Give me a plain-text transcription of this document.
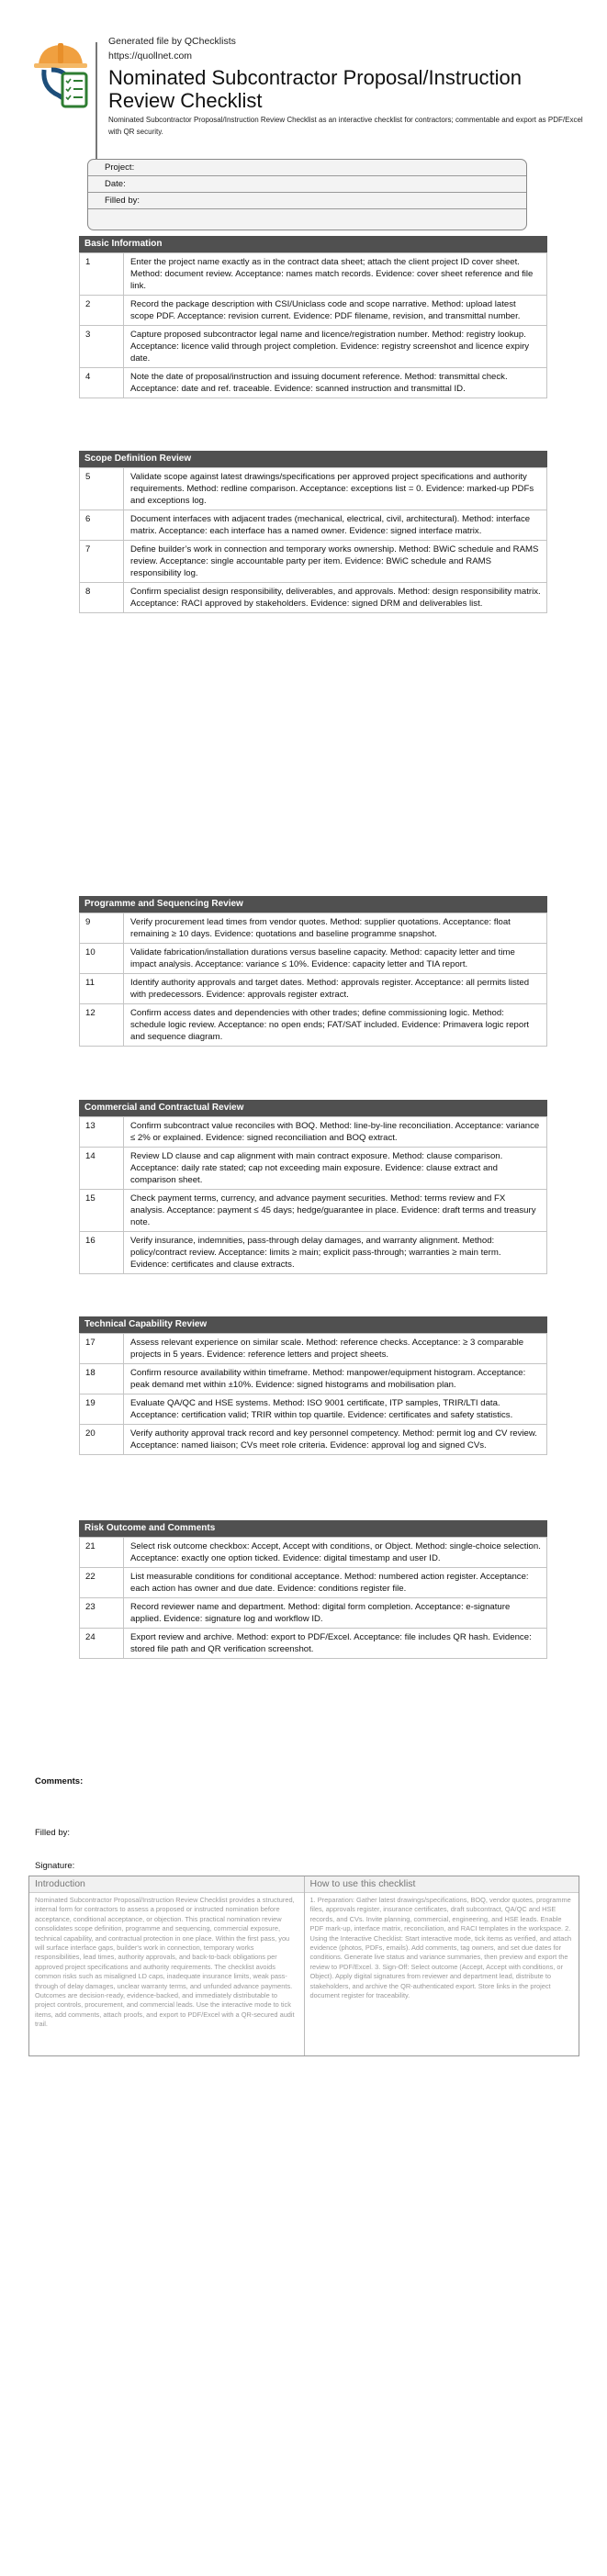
Generated file by QChecklists
https://quollnet.com
Nominated Subcontractor Proposal/Instruction Review Checklist
Nominated Subcontractor Proposal/Instruction Review Checklist as an interactive checklist for contractors; commentable and export as PDF/Excel with QR security.
Project:
Date:
Filled by:
Basic Information
1	Enter the project name exactly as in the contract data sheet; attach the client project ID cover sheet. Method: document review. Acceptance: names match records. Evidence: cover sheet reference and file link.
2	Record the package description with CSI/Uniclass code and scope narrative. Method: upload latest scope PDF. Acceptance: revision current. Evidence: PDF filename, revision, and transmittal number.
3	Capture proposed subcontractor legal name and licence/registration number. Method: registry lookup. Acceptance: licence valid through project completion. Evidence: registry screenshot and licence expiry date.
4	Note the date of proposal/instruction and issuing document reference. Method: transmittal check. Acceptance: date and ref. traceable. Evidence: scanned instruction and transmittal ID.
Scope Definition Review
5	Validate scope against latest drawings/specifications per approved project specifications and authority requirements. Method: redline comparison. Acceptance: exceptions list = 0. Evidence: marked-up PDFs and exceptions log.
6	Document interfaces with adjacent trades (mechanical, electrical, civil, architectural). Method: interface matrix. Acceptance: each interface has a named owner. Evidence: signed interface matrix.
7	Define builder’s work in connection and temporary works ownership. Method: BWiC schedule and RAMS review. Acceptance: single accountable party per item. Evidence: BWiC schedule and RAMS responsibility log.
8	Confirm specialist design responsibility, deliverables, and approvals. Method: design responsibility matrix. Acceptance: RACI approved by stakeholders. Evidence: signed DRM and deliverables list.
Programme and Sequencing Review
9	Verify procurement lead times from vendor quotes. Method: supplier quotations. Acceptance: float remaining ≥ 10 days. Evidence: quotations and baseline programme snapshot.
10	Validate fabrication/installation durations versus baseline capacity. Method: capacity letter and time impact analysis. Acceptance: variance ≤ 10%. Evidence: capacity letter and TIA report.
11	Identify authority approvals and target dates. Method: approvals register. Acceptance: all permits listed with predecessors. Evidence: approvals register extract.
12	Confirm access dates and dependencies with other trades; define commissioning logic. Method: schedule logic review. Acceptance: no open ends; FAT/SAT included. Evidence: Primavera logic report and sequence diagram.
Commercial and Contractual Review
13	Confirm subcontract value reconciles with BOQ. Method: line-by-line reconciliation. Acceptance: variance ≤ 2% or explained. Evidence: signed reconciliation and BOQ extract.
14	Review LD clause and cap alignment with main contract exposure. Method: clause comparison. Acceptance: daily rate stated; cap not exceeding main exposure. Evidence: clause extract and comparison sheet.
15	Check payment terms, currency, and advance payment securities. Method: terms review and FX analysis. Acceptance: payment ≤ 45 days; hedge/guarantee in place. Evidence: draft terms and treasury note.
16	Verify insurance, indemnities, pass-through delay damages, and warranty alignment. Method: policy/contract review. Acceptance: limits ≥ main; explicit pass-through; warranties ≥ main term. Evidence: certificates and clause extracts.
Technical Capability Review
17	Assess relevant experience on similar scale. Method: reference checks. Acceptance: ≥ 3 comparable projects in 5 years. Evidence: reference letters and project sheets.
18	Confirm resource availability within timeframe. Method: manpower/equipment histogram. Acceptance: peak demand met within ±10%. Evidence: signed histograms and mobilisation plan.
19	Evaluate QA/QC and HSE systems. Method: ISO 9001 certificate, ITP samples, TRIR/LTI data. Acceptance: certification valid; TRIR within top quartile. Evidence: certificates and safety statistics.
20	Verify authority approval track record and key personnel competency. Method: permit log and CV review. Acceptance: named liaison; CVs meet role criteria. Evidence: approval log and signed CVs.
Risk Outcome and Comments
21	Select risk outcome checkbox: Accept, Accept with conditions, or Object. Method: single-choice selection. Acceptance: exactly one option ticked. Evidence: digital timestamp and user ID.
22	List measurable conditions for conditional acceptance. Method: numbered action register. Acceptance: each action has owner and due date. Evidence: conditions register file.
23	Record reviewer name and department. Method: digital form completion. Acceptance: e-signature applied. Evidence: signature log and workflow ID.
24	Export review and archive. Method: export to PDF/Excel. Acceptance: file includes QR hash. Evidence: stored file path and QR verification screenshot.
Comments:
Filled by:
Signature:
Introduction
Nominated Subcontractor Proposal/Instruction Review Checklist provides a structured, internal form for contractors to assess a proposed or instructed nomination before acceptance, conditional acceptance, or objection. This practical nomination review consolidates scope definition, programme and sequencing, commercial exposure, technical capability, and contractual protection in one place. Within the first pass, you will surface interface gaps, builder's work in connection, temporary works responsibilities, lead times, authority approvals, and back-to-back obligations per approved project specifications and authority requirements. The checklist avoids common risks such as misaligned LD caps, inadequate insurance limits, weak pass-through of delay damages, unclear warranty terms, and unfunded advance payments. Outcomes are decision-ready, evidence-backed, and immediately distributable to project controls, procurement, and commercial leads. Use the interactive mode to tick items, add comments, attach proofs, and export to PDF/Excel with a QR-secured audit trail.
How to use this checklist
1. Preparation: Gather latest drawings/specifications, BOQ, vendor quotes, programme files, approvals register, insurance certificates, draft subcontract, QA/QC and HSE records, and CVs. Invite planning, commercial, engineering, and HSE leads. Enable PDF mark-up, interface matrix, reconciliation, and RACI templates in the workspace. 2. Using the Interactive Checklist: Start interactive mode, tick items as verified, and attach evidence (photos, PDFs, emails). Add comments, tag owners, and set due dates for conditions. Generate live status and variance summaries, then preview and export the review to PDF/Excel. 3. Sign-Off: Select outcome (Accept, Accept with conditions, or Object). Apply digital signatures from reviewer and department lead, distribute to stakeholders, and archive the QR-authenticated export. Store links in the project document register for traceability.
